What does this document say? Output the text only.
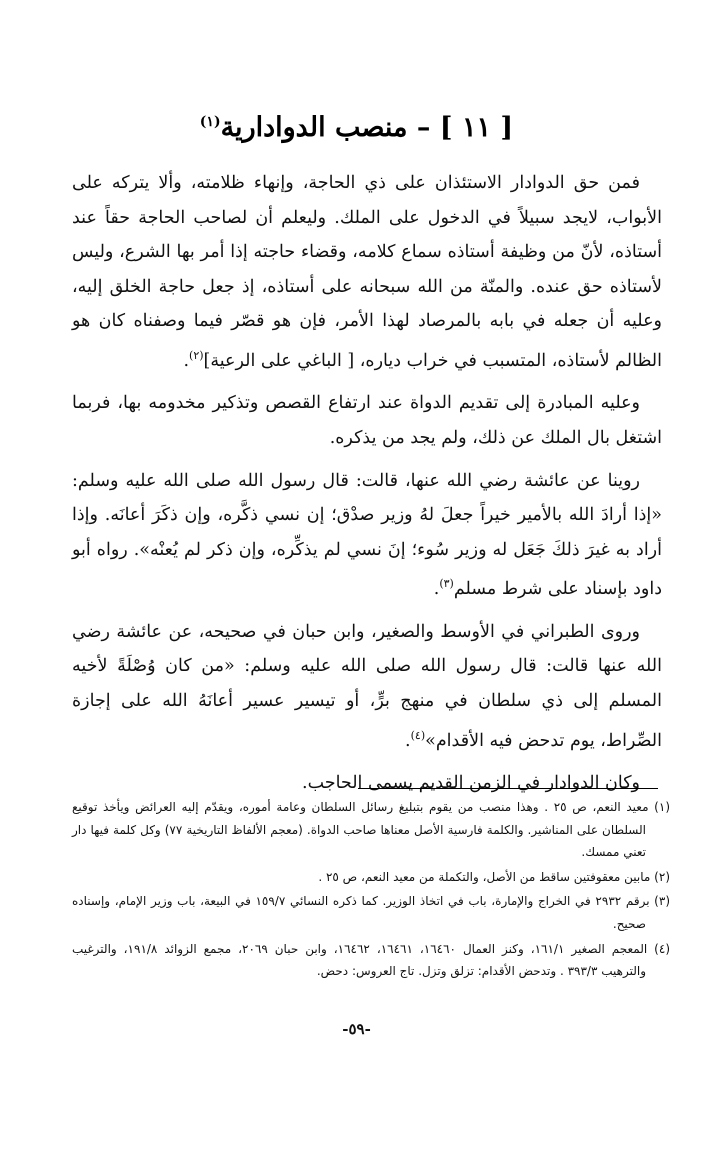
[ ١١ ] – منصب الدوادارية$^{(١)}$

فمن حق الدوادار الاستئذان على ذي الحاجة، وإنهاء ظلامته، وألا يتركه على الأبواب، لايجد سبيلاً في الدخول على الملك. وليعلم أن لصاحب الحاجة حقاً عند أستاذه، لأنّ من وظيفة أستاذه سماع كلامه، وقضاء حاجته إذا أمر بها الشرع، وليس لأستاذه حق عنده. والمنّة من الله سبحانه على أستاذه، إذ جعل حاجة الخلق إليه، وعليه أن جعله في بابه بالمرصاد لهذا الأمر، فإن هو قصّر فيما وصفناه كان هو الظالم لأستاذه، المتسبب في خراب دياره، [ الباغي على الرعية]$^{(٢)}$.

وعليه المبادرة إلى تقديم الدواة عند ارتفاع القصص وتذكير مخدومه بها، فربما اشتغل بال الملك عن ذلك، ولم يجد من يذكره.

روينا عن عائشة رضي الله عنها، قالت: قال رسول الله صلى الله عليه وسلم: «إذا أرادَ الله بالأمير خيراً جعلَ لهُ وزير صدْق؛ إن نسي ذكَّره، وإن ذكَرَ أعانَه. وإذا أراد به غيرَ ذلكَ جَعَل له وزير سُوء؛ إنَ نسي لم يذكِّره، وإن ذكر لم يُعنْه». رواه أبو داود بإسناد على شرط مسلم$^{(٣)}$.

وروى الطبراني في الأوسط والصغير، وابن حبان في صحيحه، عن عائشة رضي الله عنها قالت: قال رسول الله صلى الله عليه وسلم: «من كان وُصْلَةً لأخيه المسلم إلى ذي سلطان في منهج برٍّ، أو تيسير عسير أعانَهُ الله على إجازة الصِّراط، يوم تدحض فيه الأقدام»$^{(٤)}$.

وكان الدوادار في الزمن القديم يسمى الحاجب.

(١) معيد النعم، ص ٢٥ . وهذا منصب من يقوم بتبليغ رسائل السلطان وعامة أموره، ويقدّم إليه العرائض ويأخذ توقيع السلطان على المناشير. والكلمة فارسية الأصل معناها صاحب الدواة. (معجم الألفاظ التاريخية ٧٧) وكل كلمة فيها دار تعني ممسك.

(٢) مابين معقوفتين ساقط من الأصل، والتكملة من معيد النعم، ص ٢٥ .

(٣) برقم ٢٩٣٢ في الخراج والإمارة، باب في اتخاذ الوزير. كما ذكره النسائي ١٥٩/٧ في البيعة، باب وزير الإمام، وإسناده صحيح.

(٤) المعجم الصغير ١٦١/١، وكنز العمال ١٦٤٦٠، ١٦٤٦١، ١٦٤٦٢، وابن حبان ٢٠٦٩، مجمع الزوائد ١٩١/٨، والترغيب والترهيب ٣٩٣/٣ . وتدحض الأقدام: تزلق وتزل. تاج العروس: دحض.

-٥٩-
